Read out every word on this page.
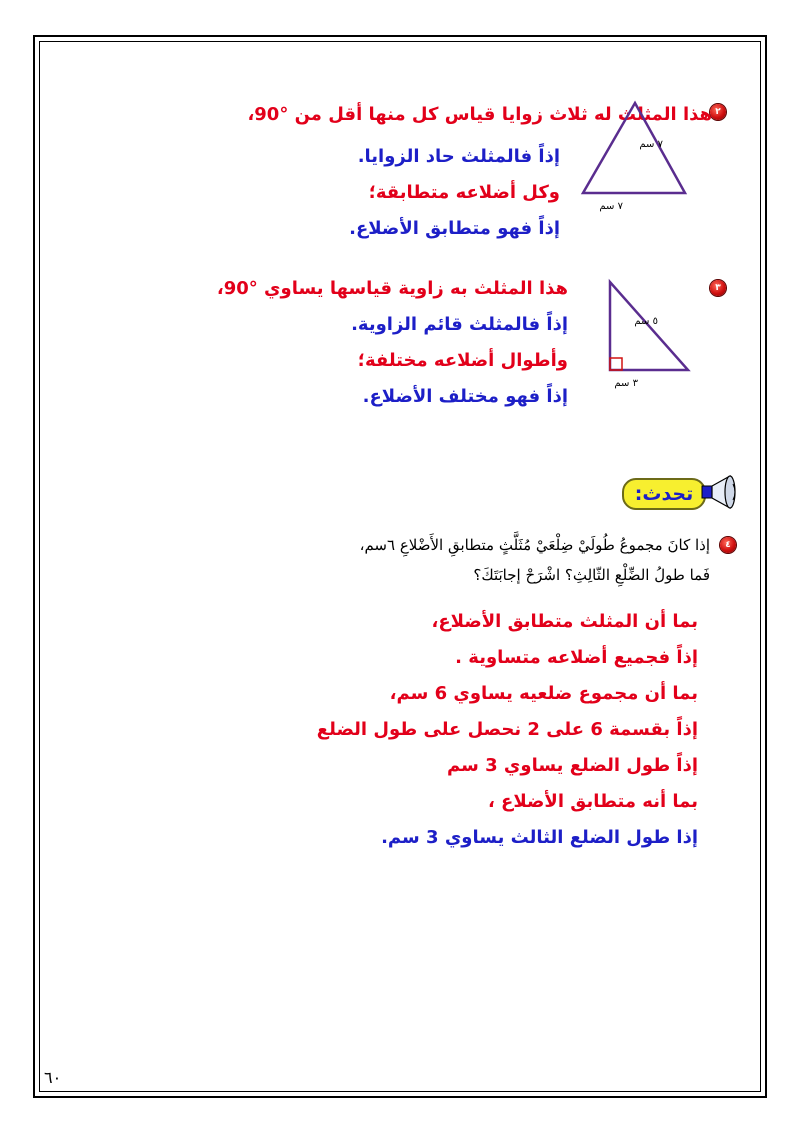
٢
هذا المثلث له ثلاث زوايا قياس كل منها أقل من °90،
إذاً فالمثلث حاد الزوايا.
وكل أضلاعه متطابقة؛
إذاً فهو متطابق الأضلاع.
٧ سم
٧ سم
٣
هذا المثلث به زاوية قياسها يساوي °90،
إذاً فالمثلث قائم الزاوية.
وأطوال أضلاعه مختلفة؛
إذاً فهو مختلف الأضلاع.
٥ سم
٣ سم
تحدث:
٤
إذا كانَ مجموعُ طُولَيْ ضِلْعَيْ مُثَلَّثٍ متطابقِ الأَضْلاعِ ٦سم،
فَما طولُ الضِّلْعِ الثّالِثِ؟ اشْرَحْ إجابَتَكَ؟
بما أن المثلث متطابق الأضلاع،
إذاً فجميع أضلاعه متساوية .
بما أن مجموع ضلعيه يساوي 6 سم،
إذاً بقسمة 6 على 2 نحصل على طول الضلع
إذاً طول الضلع يساوي 3 سم
بما أنه متطابق الأضلاع ،
إذا طول الضلع الثالث يساوي 3 سم.
٦٠
